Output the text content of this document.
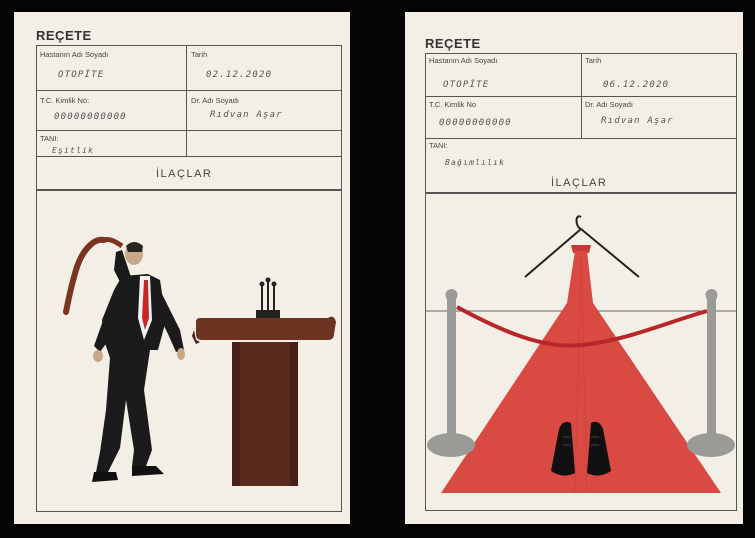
REÇETE
Hastanın Adı Soyadı
OTOPİTE
Tarih
02.12.2020
T.C. Kimlik No:
00000000000
Dr. Adı Soyadı
Rıdvan Aşar
TANI:
Eşitlik
İLAÇLAR
REÇETE
Hastanın Adı Soyadı
OTOPİTE
Tarih
06.12.2020
T.C. Kimlik No
00000000000
Dr. Adı Soyadı
Rıdvan Aşar
TANI:
Bağımlılık
İLAÇLAR
